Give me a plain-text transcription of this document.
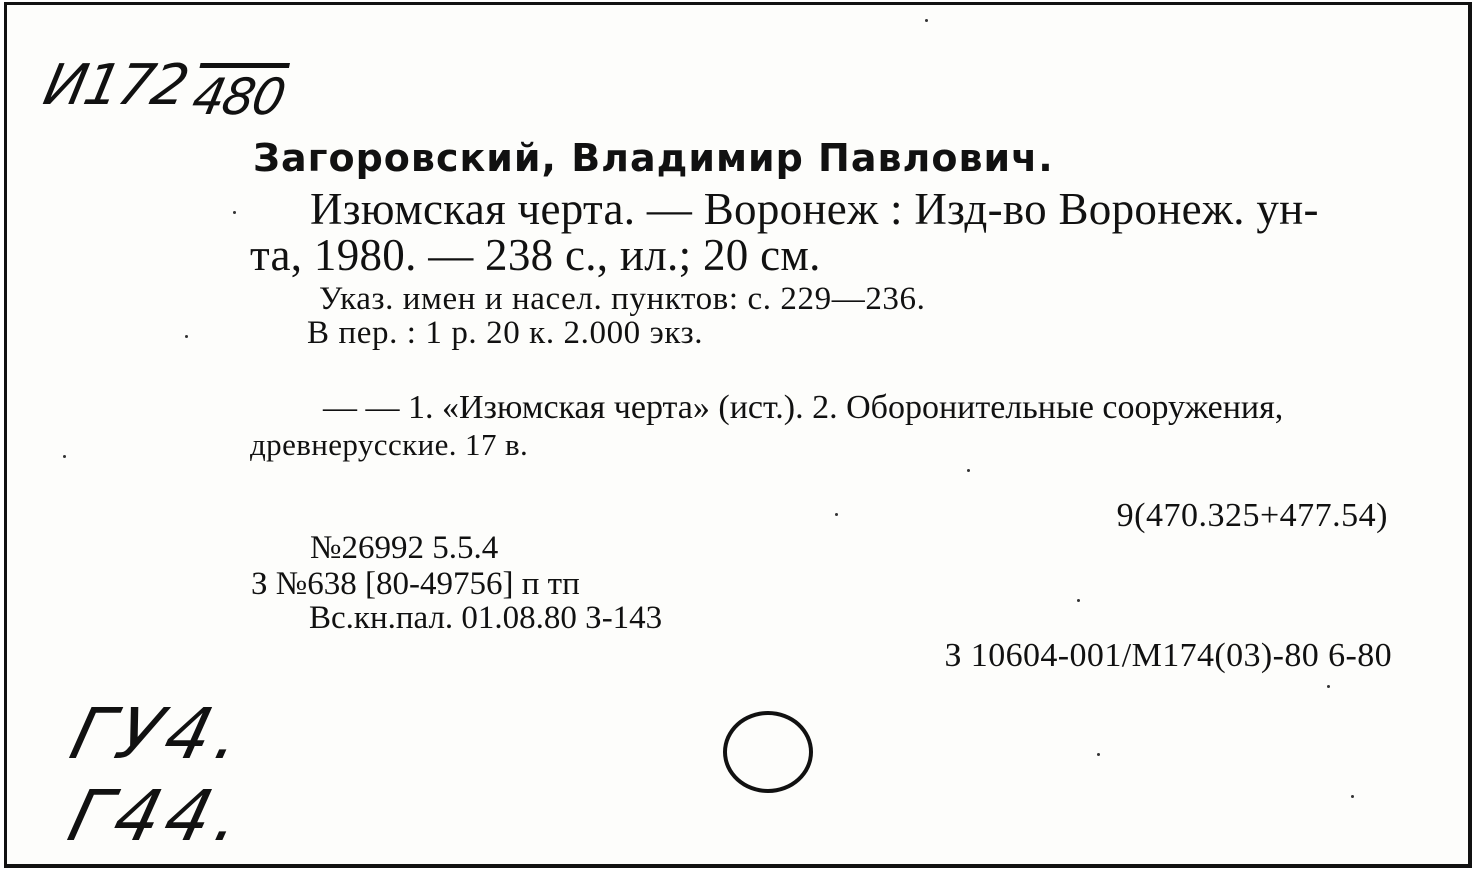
И172480
Загоровский, Владимир Павлович.
Изюмская черта. — Воронеж : Изд-во Воронеж. ун-
та, 1980. — 238 с., ил.; 20 см.
Указ. имен и насел. пунктов: с. 229—236.
В пер. : 1 р. 20 к. 2.000 экз.
— — 1. «Изюмская черта» (ист.). 2. Оборонительные сооружения,
древнерусские. 17 в.
9(470.325+477.54)
№26992 5.5.4
З №638 [80-49756] п тп
Вс.кн.пал. 01.08.80 З-143
З 10604-001/М174(03)-80 6-80
ГУ4.
Г44.
